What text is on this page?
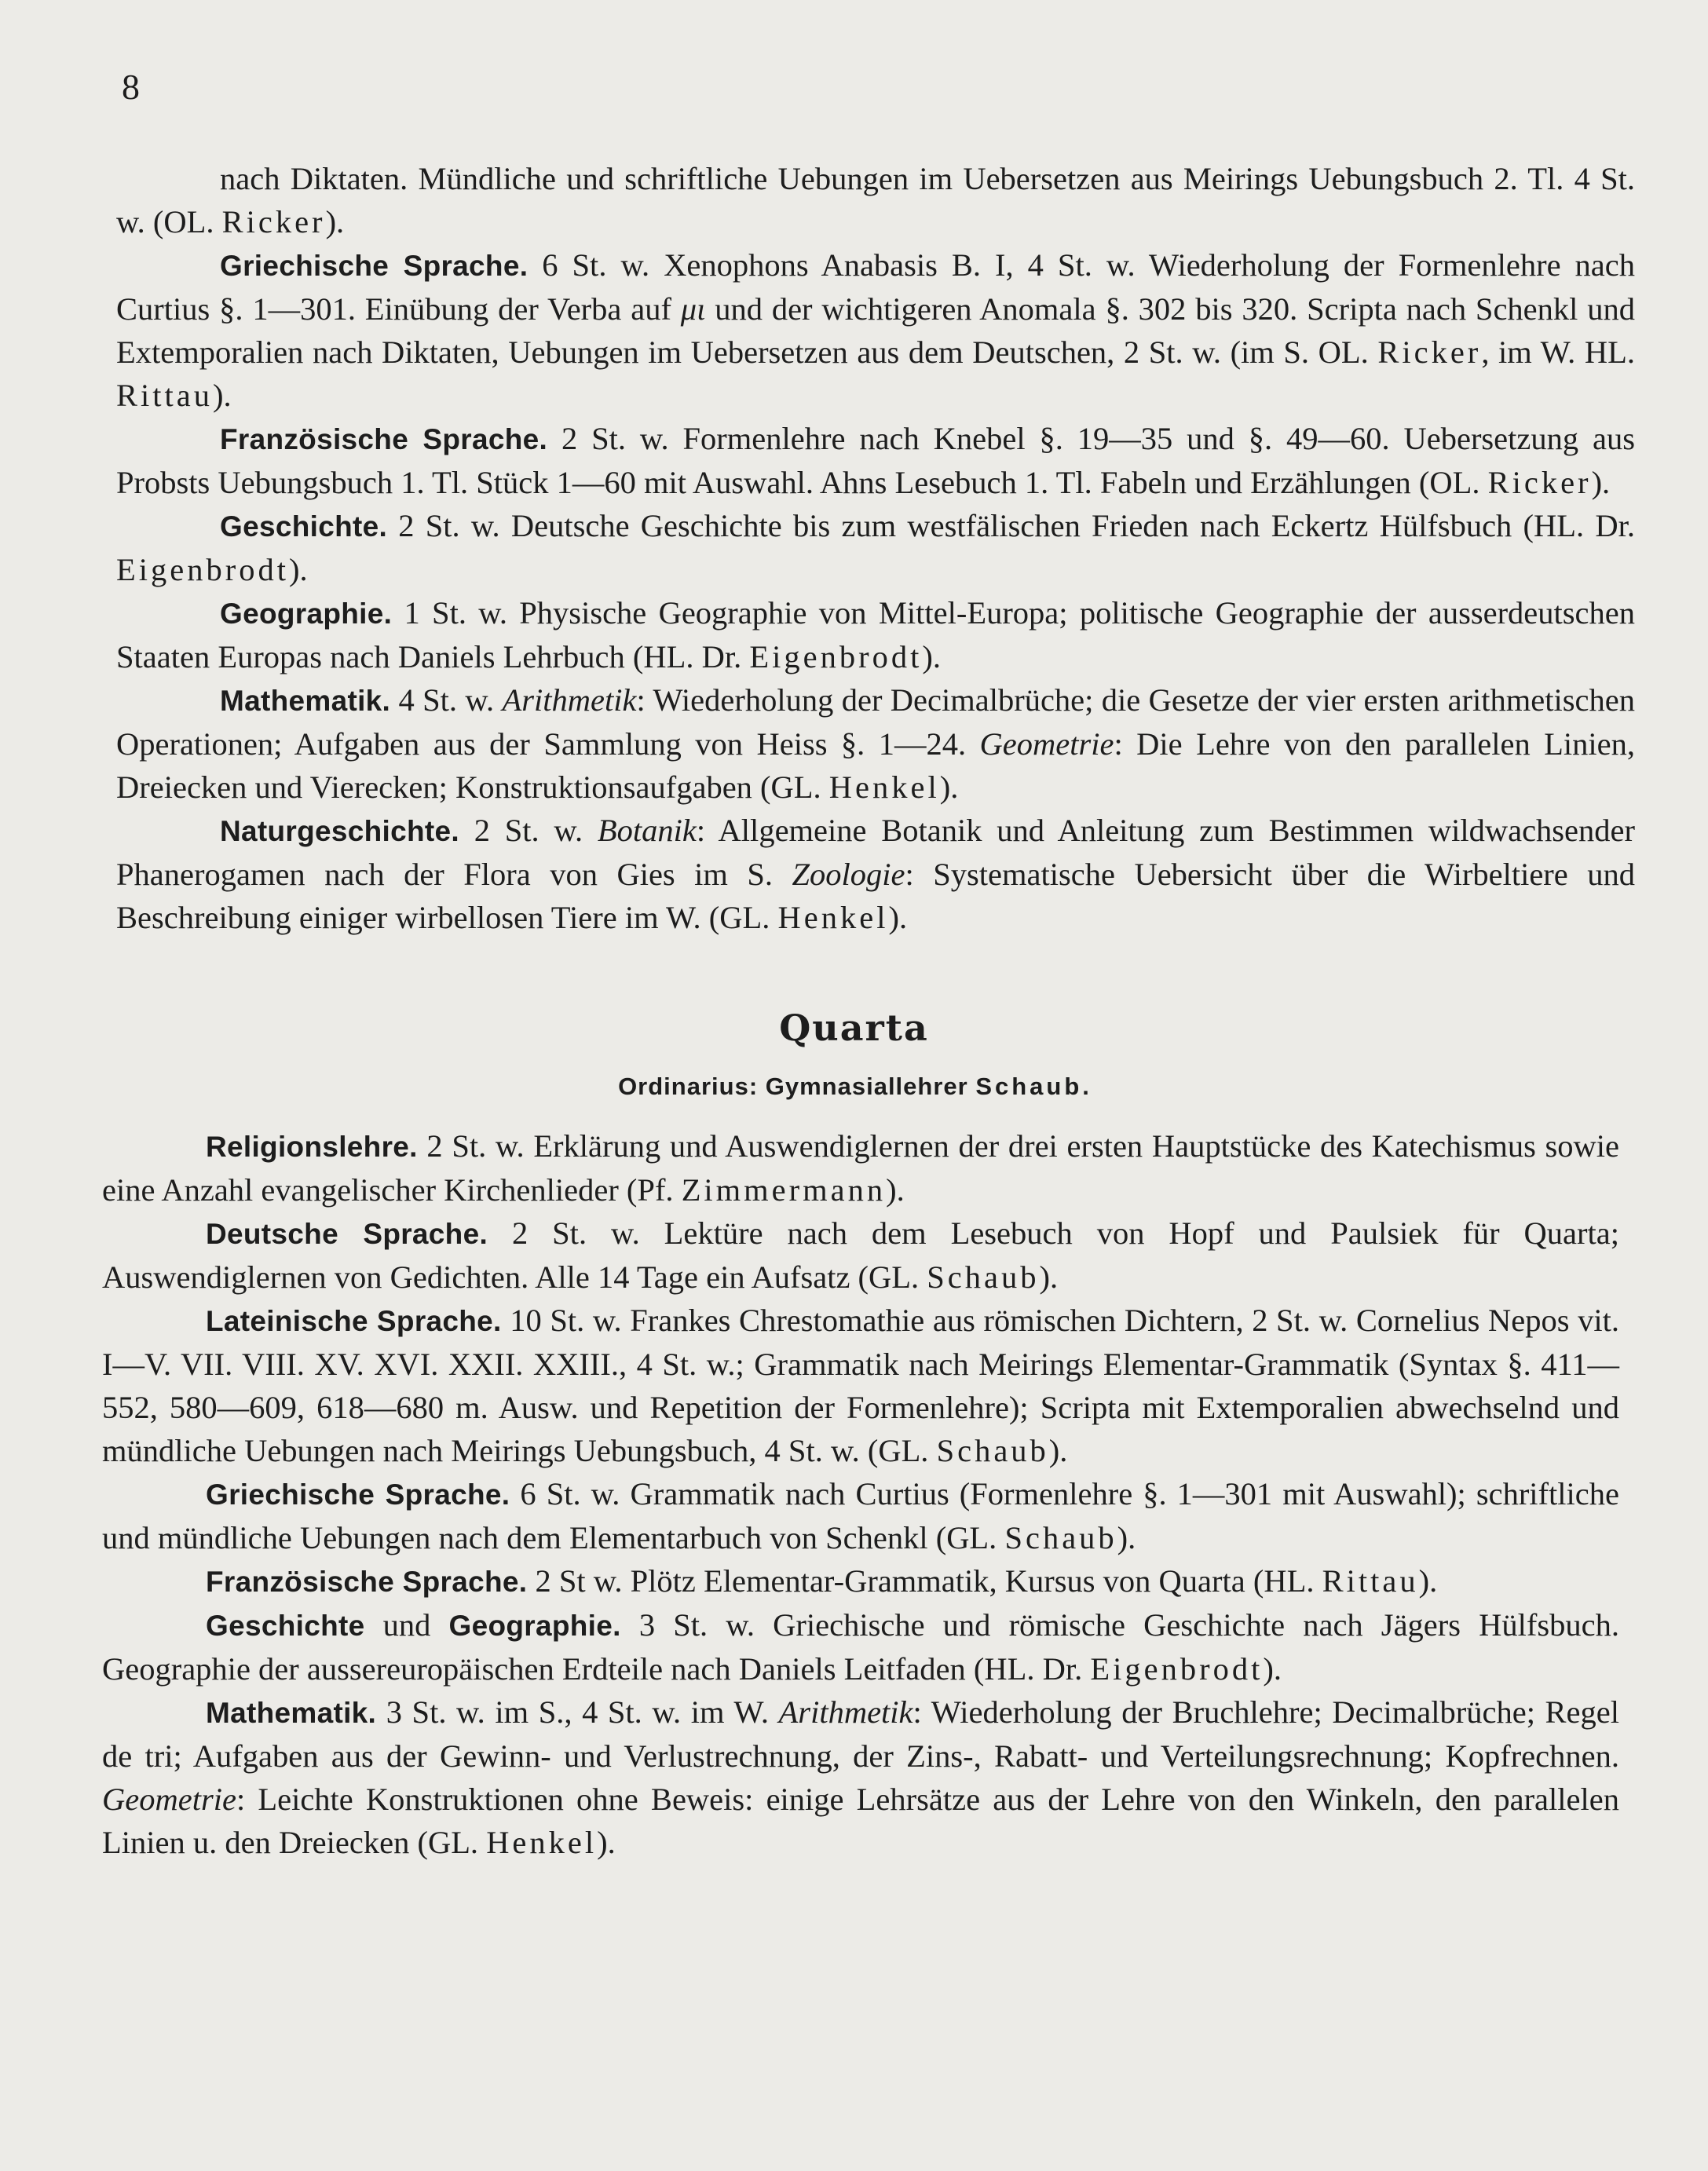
8

nach Diktaten. Mündliche und schriftliche Uebungen im Uebersetzen aus Meirings Uebungsbuch 2. Tl. 4 St. w. (OL. Ricker).

Griechische Sprache. 6 St. w. Xenophons Anabasis B. I, 4 St. w. Wiederholung der Formenlehre nach Curtius §. 1—301. Einübung der Verba auf μι und der wichtigeren Anomala §. 302 bis 320. Scripta nach Schenkl und Extemporalien nach Diktaten, Uebungen im Uebersetzen aus dem Deutschen, 2 St. w. (im S. OL. Ricker, im W. HL. Rittau).

Französische Sprache. 2 St. w. Formenlehre nach Knebel §. 19—35 und §. 49—60. Uebersetzung aus Probsts Uebungsbuch 1. Tl. Stück 1—60 mit Auswahl. Ahns Lesebuch 1. Tl. Fabeln und Erzählungen (OL. Ricker).

Geschichte. 2 St. w. Deutsche Geschichte bis zum westfälischen Frieden nach Eckertz Hülfsbuch (HL. Dr. Eigenbrodt).

Geographie. 1 St. w. Physische Geographie von Mittel-Europa; politische Geographie der ausserdeutschen Staaten Europas nach Daniels Lehrbuch (HL. Dr. Eigenbrodt).

Mathematik. 4 St. w. Arithmetik: Wiederholung der Decimalbrüche; die Gesetze der vier ersten arithmetischen Operationen; Aufgaben aus der Sammlung von Heiss §. 1—24. Geometrie: Die Lehre von den parallelen Linien, Dreiecken und Vierecken; Konstruktionsaufgaben (GL. Henkel).

Naturgeschichte. 2 St. w. Botanik: Allgemeine Botanik und Anleitung zum Bestimmen wildwachsender Phanerogamen nach der Flora von Gies im S. Zoologie: Systematische Uebersicht über die Wirbeltiere und Beschreibung einiger wirbellosen Tiere im W. (GL. Henkel).

Quarta
Ordinarius: Gymnasiallehrer Schaub.

Religionslehre. 2 St. w. Erklärung und Auswendiglernen der drei ersten Hauptstücke des Katechismus sowie eine Anzahl evangelischer Kirchenlieder (Pf. Zimmermann).

Deutsche Sprache. 2 St. w. Lektüre nach dem Lesebuch von Hopf und Paulsiek für Quarta; Auswendiglernen von Gedichten. Alle 14 Tage ein Aufsatz (GL. Schaub).

Lateinische Sprache. 10 St. w. Frankes Chrestomathie aus römischen Dichtern, 2 St. w. Cornelius Nepos vit. I—V. VII. VIII. XV. XVI. XXII. XXIII., 4 St. w.; Grammatik nach Meirings Elementar-Grammatik (Syntax §. 411—552, 580—609, 618—680 m. Ausw. und Repetition der Formenlehre); Scripta mit Extemporalien abwechselnd und mündliche Uebungen nach Meirings Uebungsbuch, 4 St. w. (GL. Schaub).

Griechische Sprache. 6 St. w. Grammatik nach Curtius (Formenlehre §. 1—301 mit Auswahl); schriftliche und mündliche Uebungen nach dem Elementarbuch von Schenkl (GL. Schaub).

Französische Sprache. 2 St w. Plötz Elementar-Grammatik, Kursus von Quarta (HL. Rittau).

Geschichte und Geographie. 3 St. w. Griechische und römische Geschichte nach Jägers Hülfsbuch. Geographie der aussereuropäischen Erdteile nach Daniels Leitfaden (HL. Dr. Eigenbrodt).

Mathematik. 3 St. w. im S., 4 St. w. im W. Arithmetik: Wiederholung der Bruchlehre; Decimalbrüche; Regel de tri; Aufgaben aus der Gewinn- und Verlustrechnung, der Zins-, Rabatt- und Verteilungsrechnung; Kopfrechnen. Geometrie: Leichte Konstruktionen ohne Beweis: einige Lehrsätze aus der Lehre von den Winkeln, den parallelen Linien u. den Dreiecken (GL. Henkel).
